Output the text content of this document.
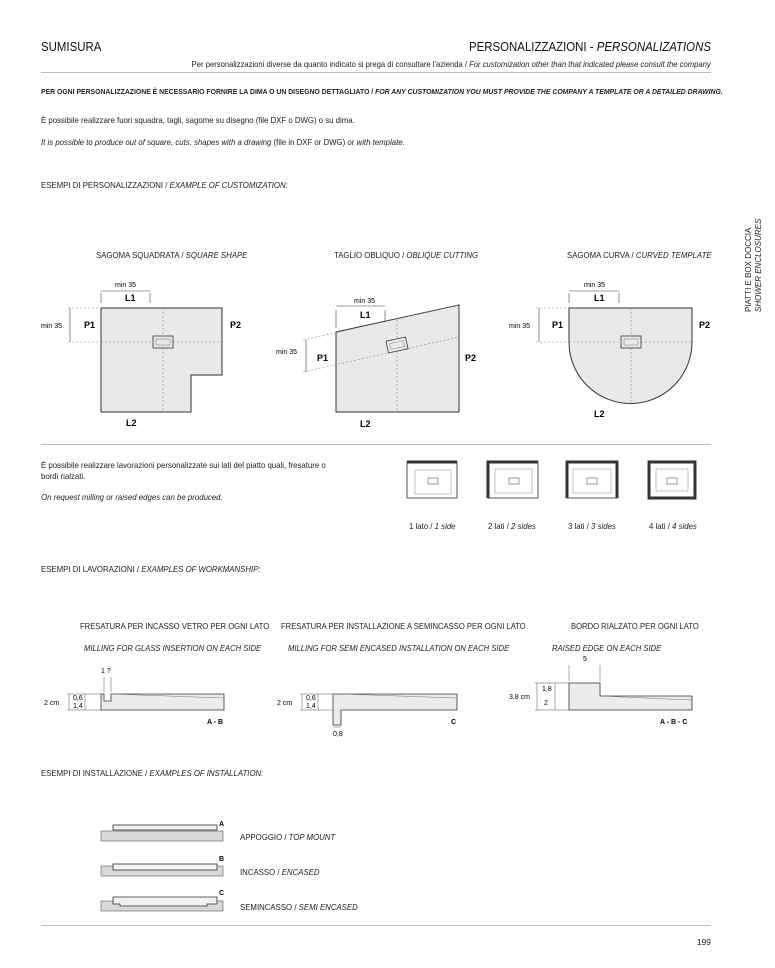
SUMISURA	PERSONALIZZAZIONI - PERSONALIZATIONS
Per personalizzazioni diverse da quanto indicato si prega di consultare l'azienda / For customization other than that indicated please consult the company
PER OGNI PERSONALIZZAZIONE È NECESSARIO FORNIRE LA DIMA O UN DISEGNO DETTAGLIATO / FOR ANY CUSTOMIZATION YOU MUST PROVIDE THE COMPANY A TEMPLATE OR A DETAILED DRAWING.
È possibile realizzare fuori squadra, tagli, sagome su disegno (file DXF o DWG) o su dima.
It is possible to produce out of square, cuts, shapes with a drawing (file in DXF or DWG) or with template.
ESEMPI DI PERSONALIZZAZIONI / EXAMPLE OF CUSTOMIZATION:
SAGOMA SQUADRATA / SQUARE SHAPE	TAGLIO OBLIQUO / OBLIQUE CUTTING	SAGOMA CURVA / CURVED TEMPLATE
min 35
L1
min 35 P1	P2
L2
min 35
L1
min 35
P1	P2
L2
min 35
L1
min 35 P1	P2
L2
PIATTI E BOX DOCCIA SHOWER ENCLOSURES
È possibile realizzare lavorazioni personalizzate sui lati del piatto quali, fresature o
bordi rialzati.
On request milling or raised edges can be produced.
1 lato / 1 side	2 lati / 2 sides	3 lati / 3 sides	4 lati / 4 sides
ESEMPI DI LAVORAZIONI / EXAMPLES OF WORKMANSHIP:
FRESATURA PER INCASSO VETRO PER OGNI LATO
MILLING FOR GLASS INSERTION ON EACH SIDE
FRESATURA PER INSTALLAZIONE A SEMINCASSO PER OGNI LATO
MILLING FOR SEMI ENCASED INSTALLATION ON EACH SIDE
BORDO RIALZATO PER OGNI LATO
RAISED EDGE ON EACH SIDE
1 ?
0,6
1,4
2 cm
A - B
0,6
1,4
2 cm
0,8
C
5
1,8
2
3,8 cm
A - B - C
ESEMPI DI INSTALLAZIONE / EXAMPLES OF INSTALLATION:
A
B
C
APPOGGIO / TOP MOUNT
INCASSO / ENCASED
SEMINCASSO / SEMI ENCASED
199
